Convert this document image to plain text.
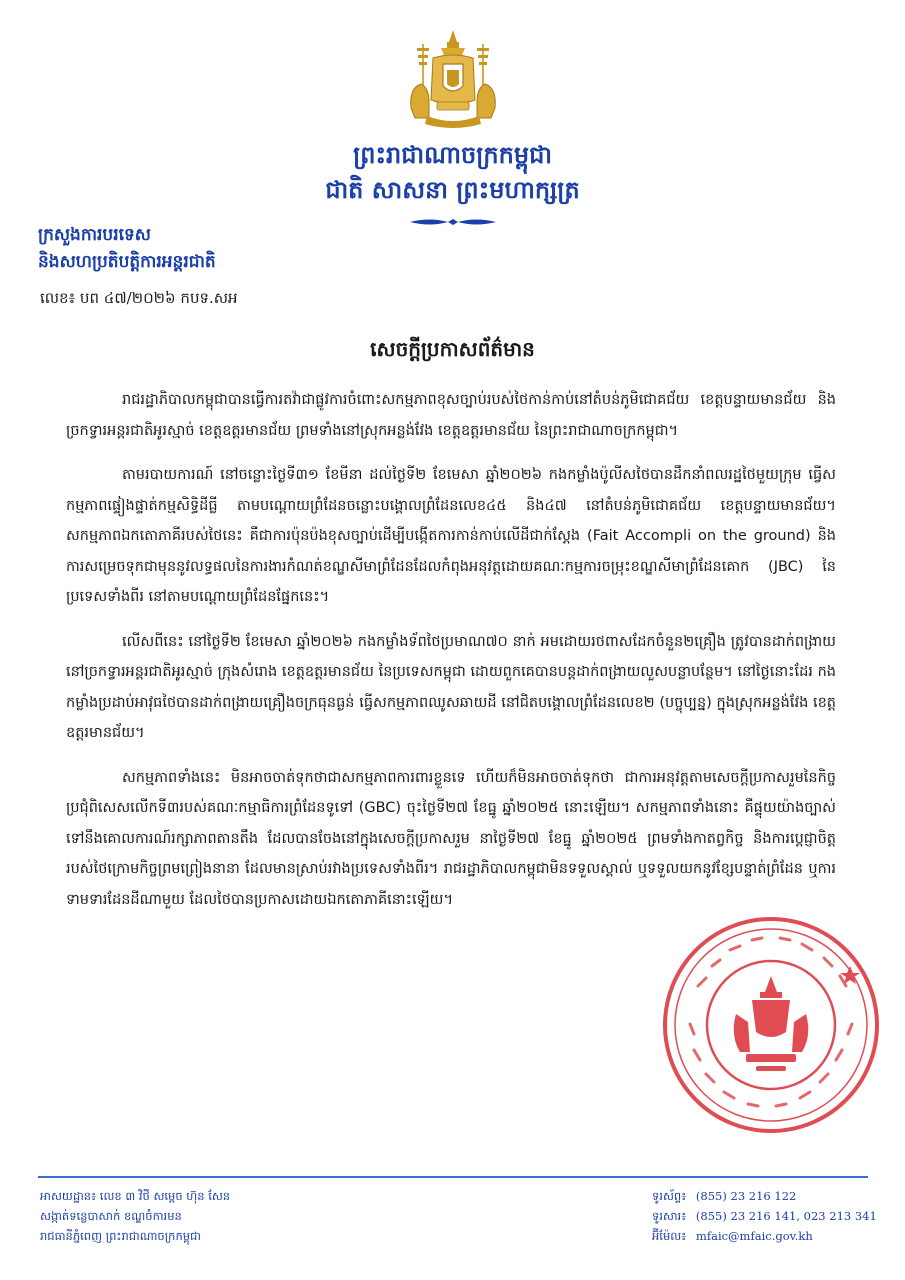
ព្រះរាជាណាចក្រកម្ពុជា
ជាតិ សាសនា ព្រះមហាក្សត្រ
ក្រសួងការបរទេស
និងសហប្រតិបត្តិការអន្តរជាតិ
លេខ៖ បព ៤៧/២០២៦ កបទ.សអ
សេចក្តីប្រកាសព័ត៌មាន

រាជរដ្ឋាភិបាលកម្ពុជាបានធ្វើការតវ៉ាជាផ្លូវការចំពោះសកម្មភាពខុសច្បាប់របស់ថៃកាន់កាប់នៅតំបន់ភូមិជោគជ័យ ខេត្តបន្ទាយមានជ័យ និងច្រកទ្វារអន្តរជាតិអូរស្មាច់ ខេត្តឧត្តរមានជ័យ ព្រមទាំងនៅស្រុកអន្លង់វែង ខេត្តឧត្តរមានជ័យ នៃព្រះរាជាណាចក្រកម្ពុជា។

តាមរបាយការណ៍ នៅចន្លោះថ្ងៃទី៣១ ខែមីនា ដល់ថ្ងៃទី២ ខែមេសា ឆ្នាំ២០២៦ កងកម្លាំងប៉ូលីសថៃបានដឹកនាំពលរដ្ឋថៃមួយក្រុម ធ្វើសកម្មភាពផ្ទៀងផ្ទាត់កម្មសិទ្ធិដីធ្លី តាមបណ្តោយព្រំដែនចន្លោះបង្គោលព្រំដែនលេខ៤៥ និង៤៧ នៅតំបន់ភូមិជោគជ័យ ខេត្តបន្ទាយមានជ័យ។ សកម្មភាពឯកតោភាគីរបស់ថៃនេះ គឺជាការប៉ុនប៉ងខុសច្បាប់ដើម្បីបង្កើតការកាន់កាប់លើដីជាក់ស្តែង (Fait Accompli on the ground) និងការសម្រេចទុកជាមុននូវលទ្ធផលនៃការងារកំណត់ខណ្ឌសីមាព្រំដែនដែលកំពុងអនុវត្តដោយគណៈកម្មការចម្រុះខណ្ឌសីមាព្រំដែនគោក (JBC) នៃប្រទេសទាំងពីរ នៅតាមបណ្តោយព្រំដែនផ្នែកនេះ។

លើសពីនេះ នៅថ្ងៃទី២ ខែមេសា ឆ្នាំ២០២៦ កងកម្លាំងទ័ពថៃប្រមាណ៧០ នាក់ អមដោយរថពាសដែកចំនួន២គ្រឿង ត្រូវបានដាក់ពង្រាយនៅច្រកទ្វារអន្តរជាតិអូរស្មាច់ ក្រុងសំរោង ខេត្តឧត្តរមានជ័យ នៃប្រទេសកម្ពុជា ដោយពួកគេបានបន្តដាក់ពង្រាយលួសបន្លាបន្ថែម។ នៅថ្ងៃនោះដែរ កងកម្លាំងប្រដាប់អាវុធថៃបានដាក់ពង្រាយគ្រឿងចក្រធុនធ្ងន់ ធ្វើសកម្មភាពឈូសឆាយដី នៅជិតបង្គោលព្រំដែនលេខ២ (បច្ចុប្បន្ន) ក្នុងស្រុកអន្លង់វែង ខេត្តឧត្តរមានជ័យ។

សកម្មភាពទាំងនេះ មិនអាចចាត់ទុកថាជាសកម្មភាពការពារខ្លួនទេ ហើយក៏មិនអាចចាត់ទុកថា ជាការអនុវត្តតាមសេចក្តីប្រកាសរួមនៃកិច្ចប្រជុំពិសេសលើកទី៣របស់គណៈកម្មាធិការព្រំដែនទូទៅ (GBC) ចុះថ្ងៃទី២៧ ខែធ្នូ ឆ្នាំ២០២៥ នោះឡើយ។ សកម្មភាពទាំងនោះ គឺផ្ទុយយ៉ាងច្បាស់ទៅនឹងគោលការណ៍រក្សាភាពតានតឹង ដែលបានចែងនៅក្នុងសេចក្តីប្រកាសរួម នាថ្ងៃទី២៧ ខែធ្នូ ឆ្នាំ២០២៥ ព្រមទាំងកាតព្វកិច្ច និងការប្តេជ្ញាចិត្តរបស់ថៃក្រោមកិច្ចព្រមព្រៀងនានា ដែលមានស្រាប់រវាងប្រទេសទាំងពីរ។ រាជរដ្ឋាភិបាលកម្ពុជាមិនទទួលស្គាល់ ឬទទួលយកនូវខ្សែបន្ទាត់ព្រំដែន ឬការទាមទារដែនដីណាមួយ ដែលថៃបានប្រកាសដោយឯកតោភាគីនោះឡើយ។

អាសយដ្ឋាន៖ លេខ ៣ វិថី សម្តេច ហ៊ុន សែន
សង្កាត់ទន្លេបាសាក់ ខណ្ឌចំការមន
រាជធានីភ្នំពេញ ព្រះរាជាណាចក្រកម្ពុជា
ទូរស័ព្ទ៖ (855) 23 216 122
ទូរសារ៖ (855) 23 216 141, 023 213 341
អ៊ីម៉ែល៖ mfaic@mfaic.gov.kh
